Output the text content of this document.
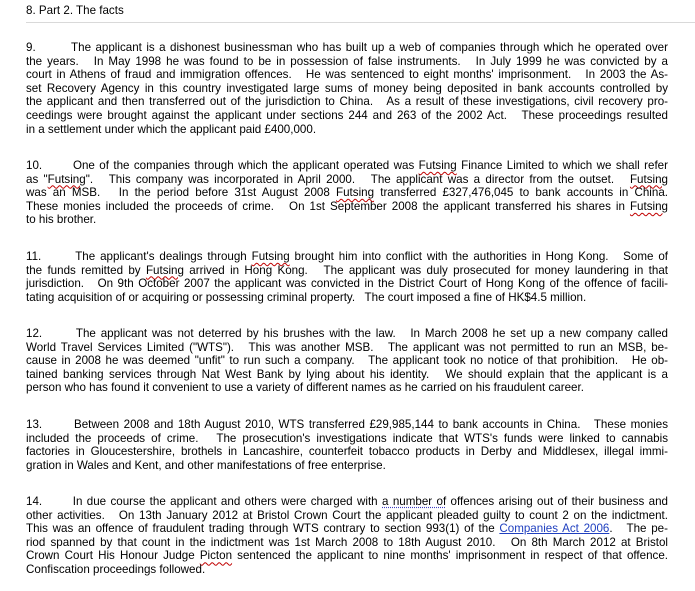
8. Part 2. The facts
9.        The applicant is a dishonest businessman who has built up a web of companies through which he operated over
the years.   In May 1998 he was found to be in possession of false instruments.   In July 1999 he was convicted by a
court in Athens of fraud and immigration offences.   He was sentenced to eight months' imprisonment.   In 2003 the As-
set Recovery Agency in this country investigated large sums of money being deposited in bank accounts controlled by
the applicant and then transferred out of the jurisdiction to China.   As a result of these investigations, civil recovery pro-
ceedings were brought against the applicant under sections 244 and 263 of the 2002 Act.   These proceedings resulted
in a settlement under which the applicant paid £400,000.
10.       One of the companies through which the applicant operated was Futsing Finance Limited to which we shall refer
as "Futsing".   This company was incorporated in April 2000.   The applicant was a director from the outset.   Futsing
was an MSB.   In the period before 31st August 2008 Futsing transferred £327,476,045 to bank accounts in China.
These monies included the proceeds of crime.   On 1st September 2008 the applicant transferred his shares in Futsing
to his brother.
11.       The applicant's dealings through Futsing brought him into conflict with the authorities in Hong Kong.   Some of
the funds remitted by Futsing arrived in Hong Kong.   The applicant was duly prosecuted for money laundering in that
jurisdiction.   On 9th October 2007 the applicant was convicted in the District Court of Hong Kong of the offence of facili-
tating acquisition of or acquiring or possessing criminal property.   The court imposed a fine of HK$4.5 million.
12.       The applicant was not deterred by his brushes with the law.   In March 2008 he set up a new company called
World Travel Services Limited ("WTS").   This was another MSB.   The applicant was not permitted to run an MSB, be-
cause in 2008 he was deemed "unfit" to run such a company.   The applicant took no notice of that prohibition.   He ob-
tained banking services through Nat West Bank by lying about his identity.   We should explain that the applicant is a
person who has found it convenient to use a variety of different names as he carried on his fraudulent career.
13.       Between 2008 and 18th August 2010, WTS transferred £29,985,144 to bank accounts in China.   These monies
included the proceeds of crime.   The prosecution's investigations indicate that WTS's funds were linked to cannabis
factories in Gloucestershire, brothels in Lancashire, counterfeit tobacco products in Derby and Middlesex, illegal immi-
gration in Wales and Kent, and other manifestations of free enterprise.
14.       In due course the applicant and others were charged with a number of offences arising out of their business and
other activities.   On 13th January 2012 at Bristol Crown Court the applicant pleaded guilty to count 2 on the indictment.
This was an offence of fraudulent trading through WTS contrary to section 993(1) of the Companies Act 2006.   The pe-
riod spanned by that count in the indictment was 1st March 2008 to 18th August 2010.   On 8th March 2012 at Bristol
Crown Court His Honour Judge Picton sentenced the applicant to nine months' imprisonment in respect of that offence.
Confiscation proceedings followed.
